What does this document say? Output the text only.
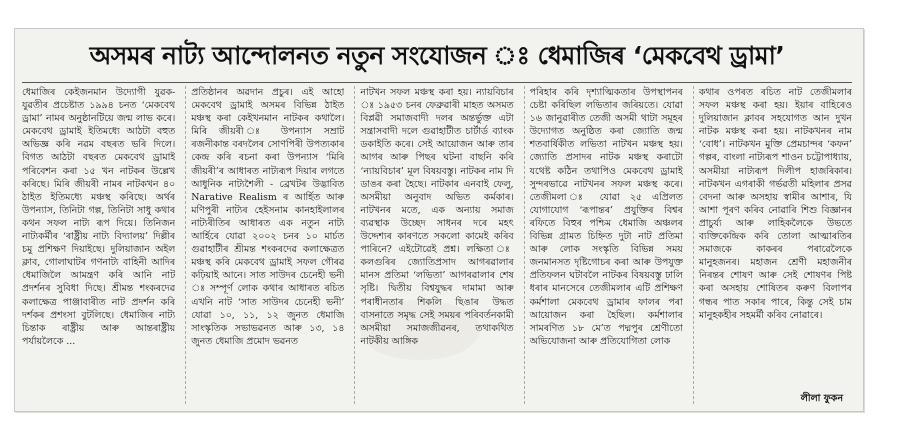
অসমৰ নাট্য আন্দোলনত নতুন সংযোজন ঃ ধেমাজিৰ ‘মেকবেথ ড্ৰামা’

ধেমাজিৰ কেইজনমান উদ্যোগী যুৱক-যুৱতীৰ প্ৰচেষ্টাত ১৯৯৪ চনত ‘মেকবেথ ড্ৰামা’ নামৰ অনুষ্ঠানটিয়ে জন্ম লাভ কৰে। মেকবেথ ড্ৰামাই ইতিমধ্যে আঠটা বহুত অভিজ্ঞ কৰি নৱম বছৰত ভৰি দিলে। বিগত আঠটা বছৰত মেকবেথ ড্ৰামাই পৰিবেশন কৰা ১৫ খন নাটকৰ উল্লেখ কৰিছে। মিৰি জীয়ৰী নামৰ নাটকখন ৪০ ঠাইত ইতিমধ্যে মঞ্চস্থ কৰিছে। অৰ্থৰ উপন্যাস, তিনিটা গল্প, তিনিটা সাধু কথাৰ কথন সফল নাট্য ৰূপ দিয়ে। তিনিজন নাট্যকৰ্মীৰ ‘ৰাষ্ট্ৰীয় নাট্য বিদ্যালয়’ দিল্লীৰ চমু প্ৰশিক্ষণ দিয়াইছে। দুলিয়াজান অইল ক্লাব, গোলাঘাটৰ গণনাট্য বাহিনী আদিৰ ধেমাজিলৈ আমন্ত্ৰণ কৰি আনি নাট প্ৰদৰ্শনৰ সুবিধা দিছে। শ্ৰীমন্ত শংকৰদেৱ কলাক্ষেত্ৰ পাঞ্জাবাৰীত নাট প্ৰদৰ্শন কৰি দৰ্শকৰ প্ৰশংসা বুটলিছে। ধেমাজিৰ নাট্য চিন্তাক ৰাষ্ট্ৰীয় আৰু আন্তৰাষ্ট্ৰীয় পৰ্যায়লৈকে ...

প্ৰতিষ্ঠানৰ অৱদান প্ৰচুৰ। এই আহো মেকবেথ ড্ৰামাই অসমৰ বিভিন্ন ঠাইত মঞ্চস্থ কৰা কেইখনমান নাটকৰ কথালৈ। মিৰি জীয়ৰী ঃ উপন্যাস সম্ৰাট ৰজনীকান্ত বৰদলৈৰ সোণপিৰী উপত্যকাৰ কেন্দ্ৰ কৰি ৰচনা কৰা উপন্যাস ‘মিৰি জীয়ৰী’ৰ আধাৰত নাট্যৰূপ দিয়াৰ লগতে আধুনিক নাট্যশৈলী - ব্ৰেখটৰ উদ্ভাবিত Narative Realism ৰ আৰ্হিত আৰু মণিপুৰী নাট্যৰ হেইসনাম কানহাইলালৰ নাট্যৰীতিৰ আধাৰত এক নতুন নাট্য আৰ্হিৰে যোৱা ২০০২ চনৰ ১০ মাৰ্চত গুৱাহাটীৰ শ্ৰীমন্ত শংকৰদেৱ কলাক্ষেত্ৰত মঞ্চস্থ কৰি মেকবেথ ড্ৰামাই সফল গৌৰৱ কঢ়িয়াই আনে। সাত সাউদৰ চেনেহী ভনী ঃ সম্পূৰ্ণ লোক কথাৰ আধাৰত ৰচিত এখনি নাট ‘সাত সাউদৰ চেনেহী ভনী’ যোৱা ১০, ১১, ১২ জুনত ধেমাজি সাংস্কৃতিক সভাভৱনত আৰু ১৩, ১৪ জুনত ধেমাজি প্ৰমোদ ভৱনত

নাটখন সফল মঞ্চস্থ কৰা হয়। ন্যায়বিচাৰ ঃ ১৯৫৩ চনৰ ফেব্ৰুৱাৰী মাহত অসমত বিপ্লৱী সমাজবাদী দলৰ অন্তৰ্ভুক্ত এটা সন্ত্ৰাসবাদী দলে গুৱাহাটীত চাৰ্টাৰ্ড ব্যাংক ডকাইতি কৰে। সেই আয়োজন আৰু তাৰ আগৰ আৰু পিছৰ ঘটনা বাছনি কৰি ‘ন্যায়বিচাৰ’ মূল বিষয়বস্তু। নাটকৰ নাম দি ডাঙৰ কৰা হৈছে। নাটকাৰ এনবাই ফেলু, অসমীয়া অনুবাদ অভিত কৰ্মকাৰ। নাটখনৰ মতে, এক অন্যায় সমাজ ব্যৱস্থাক উচ্ছেদ সাধনৰ দৰে মহৎ উদ্দেশ্যৰ কাৰণতে সকলো কামেই কৰিব পাৰিনে? এইটোৱেই প্ৰশ্ন। লক্ষিতা ঃ কলগুৰিৰ জ্যোতিপ্ৰসাদ আগৰৱালাৰ মানস প্ৰতিমা ‘লভিতা’ আগৰৱালাৰ শেষ সৃষ্টি। দ্বিতীয় বিশ্বযুদ্ধৰ দামামা আৰু পৰাধীনতাৰ শিকলি ছিঙাৰ উদ্ধত বাসনাতে সমৃদ্ধ সেই সময়ৰ পৰিবৰ্তনকামী অসমীয়া সমাজজীৱনৰ, তথাকথিত নাটকীয় আঙ্গিক

পৰিহাৰ কৰি দৃশ্যাত্মিকতাৰ উপস্থাপনৰ চেষ্টা কৰিছিল লভিতাৰ জৰিয়তে। যোৱা ১৬ জানুৱাৰীত তেজী অসমী থাটা সমূহৰ উদ্যোগত অনুষ্ঠিত কৰা জ্যোতি জন্ম শতবাৰ্ষিকীত লভিতা নাটখন মঞ্চস্থ হয়। জ্যোতি প্ৰসাদৰ নাটক মঞ্চস্থ কৰাটো যথেষ্ট কঠিন তথাপিও মেকবেথ ড্ৰামাই সুন্দৰভাৱে নাটখনৰ সফল মঞ্চস্থ কৰে। তেজীমলা ঃ যোৱা ২৫ এপ্ৰিলত যোগাযোগ ‘ৰূপান্তৰ’ প্ৰযুক্তিৰ বিশ্বৰ ৰফিতে বিহুৰ পশ্চিম ধেমাজি অঞ্চলৰ বিভিন্ন গ্ৰামত চিহ্নিত দুটা নাট প্ৰতিমা আৰু লোক সংস্কৃতি বিভিন্ন সময় জনমানসত দৃষ্টিগোচৰ কৰা আৰু উপযুক্ত প্ৰতিফলন ঘটাবলৈ নাটকৰ বিষয়বস্তু ঢালি ধৰাৰ মানসেৰে তেজীমলাৰ এটি প্ৰশিক্ষণ কৰ্মশালা মেকবেথ ড্ৰামাৰ ফালৰ পৰা আয়োজন কৰা হৈছিল। কৰ্মশালাৰ সামৰণিত ১৮ মে’ত পদ্মপুৰ শ্ৰেণীতো অভিযোজনা আৰু প্ৰতিযোগিতা লোক

কথাৰ ওপৰত ৰচিত নাট তেজীমলাৰ সফল মঞ্চস্থ কৰা হয়। ইয়াৰ বাহিৰেও দুলিয়াজান ক্লাবৰ সহযোগত আন দুখন নাটক মঞ্চস্থ কৰা হয়। নাটকখনৰ নাম ‘বোধ’। নাটকখন মুক্তি প্ৰেমচান্দৰ ‘কফন’ গল্পৰ, বাংলা নাট্যৰূপ শাওন চট্টোপাধ্যায়, অসমীয়া নাট্যৰূপ দিলীপ হাজৰিকাৰ। নাটকখন এগৰাকী গৰ্ভৱতী মহিলাৰ প্ৰসৱ বেদনা আৰু অসহায় স্বামীৰ আশাৰ, যি আশা পূৰণ কৰিব নোৱাৰি শিশু বিজ্ঞানৰ প্ৰাচুৰ্য্য আৰু লাহিকলৈকে উভতে ব্যক্তিকেন্দ্ৰিক কৰি তোলা আত্মাৰতিৰ সমাজকে কাকৰৰ পৰাৱেলৈকে মানুহজনৰ। মহাজন শ্ৰেণী মহাজনীৰ নিৰন্তৰ শোষণ আৰু সেই শোষণৰ পিষ্ট কৰা অসহায় শোষিতৰ কৰুণ বিলাপৰ গন্ধৰ পাত সকাৰ পাৰে, কিন্তু সেই চাম মানুহকহীৰ সহমৰ্মী কৰিব নোৱাৰে।

লীলা ফুকন
